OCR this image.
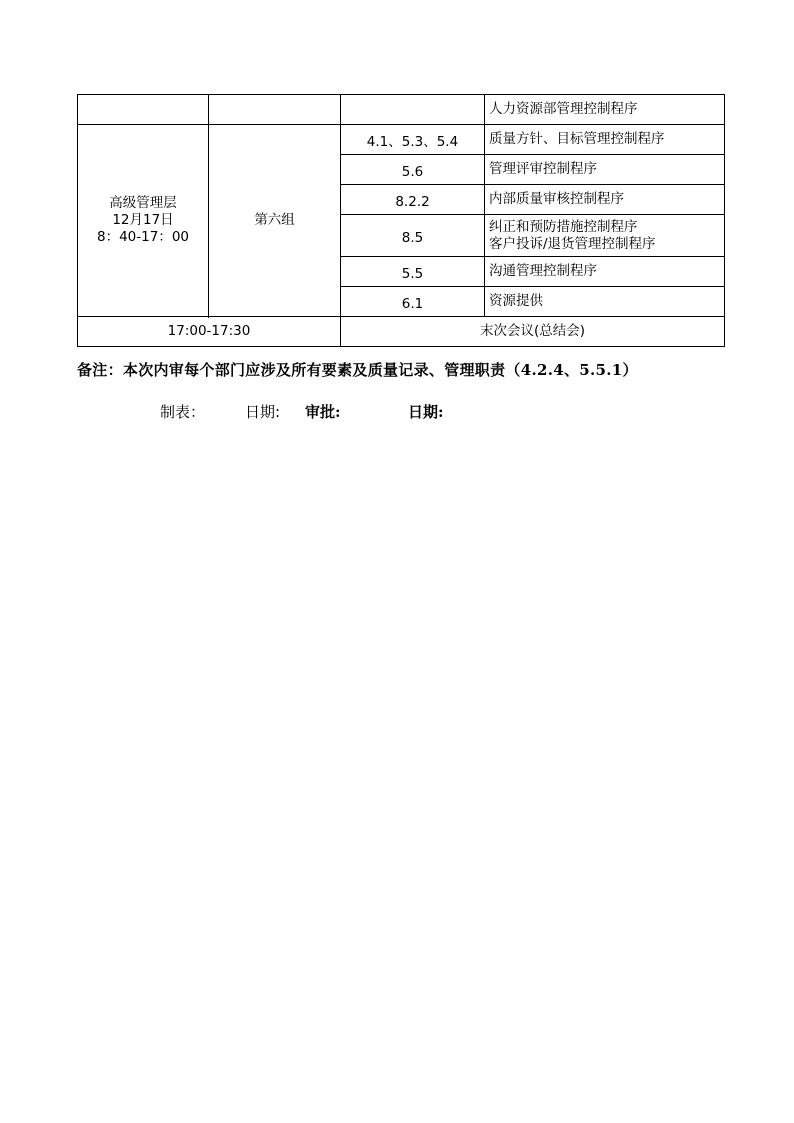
			人力资源部管理控制程序

高级管理层
12月17日
8：40-17：00	第六组	4.1、5.3、5.4	质量方针、目标管理控制程序
		5.6	管理评审控制程序
		8.2.2	内部质量审核控制程序
		8.5	纠正和预防措施控制程序
客户投诉/退货管理控制程序

		5.5	沟通管理控制程序
		6.1	资源提供

17:00-17:30		末次会议(总结会)	
备注：本次内审每个部门应涉及所有要素及质量记录、管理职责（4.2.4、5.5.1）
制表：	日期: 审批:	日期:
